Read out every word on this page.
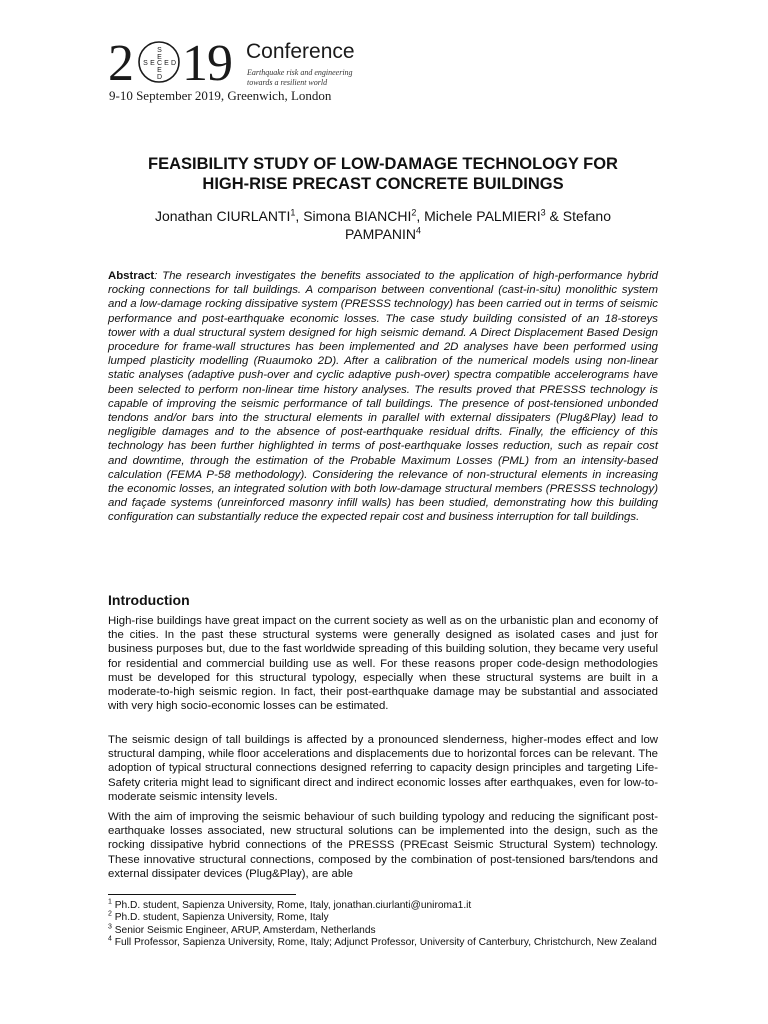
2	S
E
S E C E D
E
D 19 Conference
Earthquake risk and engineering
towards a resilient world
9-10 September 2019, Greenwich, London
FEASIBILITY STUDY OF LOW-DAMAGE TECHNOLOGY FOR
HIGH-RISE PRECAST CONCRETE BUILDINGS
Jonathan CIURLANTI$^1$, Simona BIANCHI$^2$, Michele PALMIERI$^3$ & Stefano
PAMPANIN$^4$
Abstract: The research investigates the benefits associated to the application of high-performance hybrid rocking connections for tall buildings. A comparison between conventional (cast-in-situ) monolithic system and a low-damage rocking dissipative system (PRESSS technology) has been carried out in terms of seismic performance and post-earthquake economic losses. The case study building consisted of an 18-storeys tower with a dual structural system designed for high seismic demand. A Direct Displacement Based Design procedure for frame-wall structures has been implemented and 2D analyses have been performed using lumped plasticity modelling (Ruaumoko 2D). After a calibration of the numerical models using non-linear static analyses (adaptive push-over and cyclic adaptive push-over) spectra compatible accelerograms have been selected to perform non-linear time history analyses. The results proved that PRESSS technology is capable of improving the seismic performance of tall buildings. The presence of post-tensioned unbonded tendons and/or bars into the structural elements in parallel with external dissipaters (Plug&Play) lead to negligible damages and to the absence of post-earthquake residual drifts. Finally, the efficiency of this technology has been further highlighted in terms of post-earthquake losses reduction, such as repair cost and downtime, through the estimation of the Probable Maximum Losses (PML) from an intensity-based calculation (FEMA P-58 methodology). Considering the relevance of non-structural elements in increasing the economic losses, an integrated solution with both low-damage structural members (PRESSS technology) and façade systems (unreinforced masonry infill walls) has been studied, demonstrating how this building configuration can substantially reduce the expected repair cost and business interruption for tall buildings.
Introduction

High-rise buildings have great impact on the current society as well as on the urbanistic plan and economy of the cities. In the past these structural systems were generally designed as isolated cases and just for business purposes but, due to the fast worldwide spreading of this building solution, they became very useful for residential and commercial building use as well. For these reasons proper code-design methodologies must be developed for this structural typology, especially when these structural systems are built in a moderate-to-high seismic region. In fact, their post-earthquake damage may be substantial and associated with very high socio-economic losses can be estimated.

The seismic design of tall buildings is affected by a pronounced slenderness, higher-modes effect and low structural damping, while floor accelerations and displacements due to horizontal forces can be relevant. The adoption of typical structural connections designed referring to capacity design principles and targeting Life-Safety criteria might lead to significant direct and indirect economic losses after earthquakes, even for low-to-moderate seismic intensity levels.

With the aim of improving the seismic behaviour of such building typology and reducing the significant post-earthquake losses associated, new structural solutions can be implemented into the design, such as the rocking dissipative hybrid connections of the PRESSS (PREcast Seismic Structural System) technology. These innovative structural connections, composed by the combination of post-tensioned bars/tendons and external dissipater devices (Plug&Play), are able

$^1$ Ph.D. student, Sapienza University, Rome, Italy, jonathan.ciurlanti@uniroma1.it

$^2$ Ph.D. student, Sapienza University, Rome, Italy

$^3$ Senior Seismic Engineer, ARUP, Amsterdam, Netherlands

$^4$ Full Professor, Sapienza University, Rome, Italy; Adjunct Professor, University of Canterbury, Christchurch, New Zealand
